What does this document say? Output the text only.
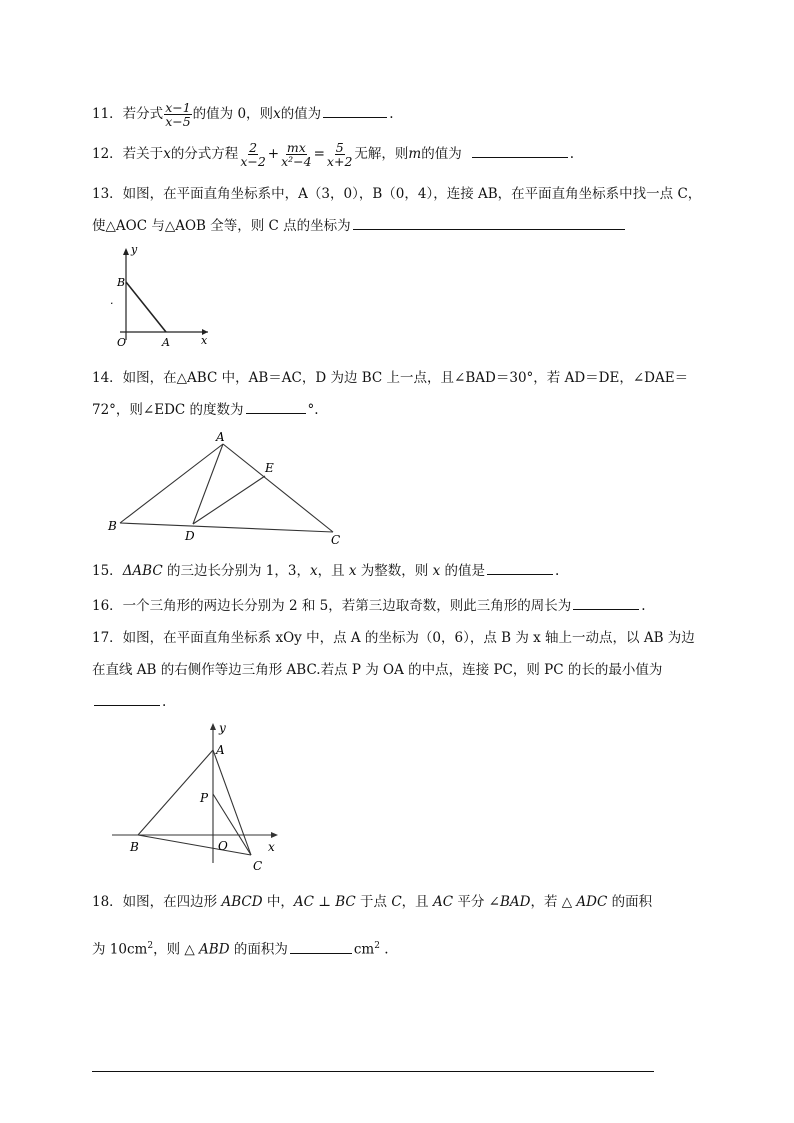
11．若分式 $\frac{x-1}{x-5}$ 的值为 0，则x的值为	.
12．若关于x的分式方程 $\frac{2}{x-2} + \frac{mx}{\text{x²−4}} = \frac{5}{x+2}$ 无解，则m的值为	.
13．如图，在平面直角坐标系中，A（3，0），B（0，4），连接 AB，在平面直角坐标系中找一点 C，使△AOC 与△AOB 全等，则 C 点的坐标为
y
x
B
O	A
.
14．如图，在△ABC 中，AB＝AC，D 为边 BC 上一点，且∠BAD＝30°，若 AD＝DE，∠DAE＝72°，则∠EDC 的度数为	°.
A
B
C
D
E
15．ΔABC 的三边长分别为 1，3，x，且 x 为整数，则 x 的值是	.
16．一个三角形的两边长分别为 2 和 5，若第三边取奇数，则此三角形的周长为	.
17．如图，在平面直角坐标系 xOy 中，点 A 的坐标为（0，6），点 B 为 x 轴上一动点，以 AB 为边在直线 AB 的右侧作等边三角形 ABC.若点 P 为 OA 的中点，连接 PC，则 PC 的长的最小值为.
y
x
A
P
B	O
C
18．如图，在四边形 ABCD 中，AC ⊥ BC 于点 C，且 AC 平分 ∠BAD，若 △ ADC 的面积
为 $10cm^2$，则 △ ABD 的面积为	$cm^2$ .
